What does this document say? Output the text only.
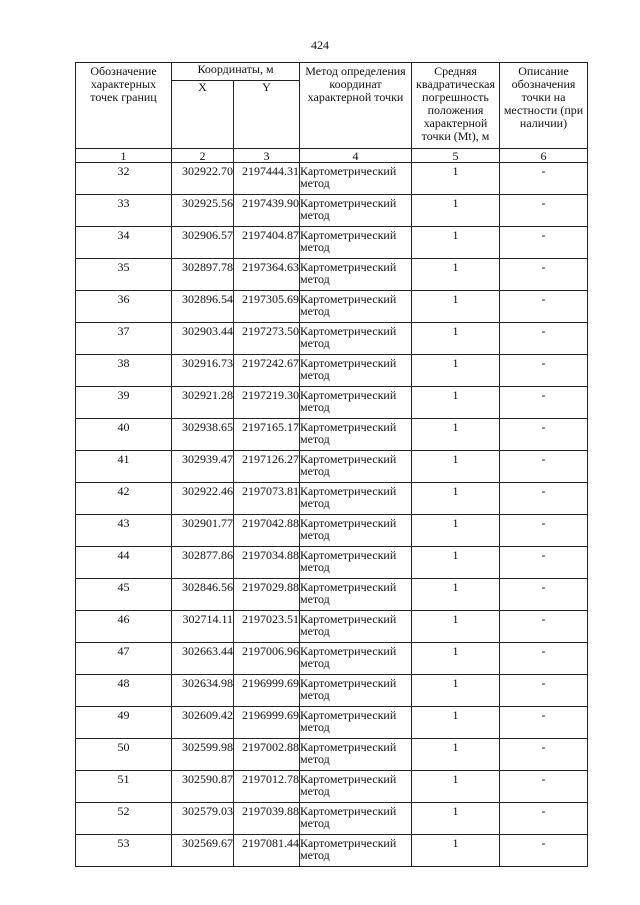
424
Обозначение характерных точек границ	Координаты, м		Метод определения координат характерной точки	Средняя квадратическая погрешность положения характерной точки (Mt), м	Описание обозначения точки на местности (при наличии)
	X	Y			
1	2	3	4	5	6
32	302922.70	2197444.31	Картометрический метод	1	-
33	302925.56	2197439.90	Картометрический метод	1	-
34	302906.57	2197404.87	Картометрический метод	1	-
35	302897.78	2197364.63	Картометрический метод	1	-
36	302896.54	2197305.69	Картометрический метод	1	-
37	302903.44	2197273.50	Картометрический метод	1	-
38	302916.73	2197242.67	Картометрический метод	1	-
39	302921.28	2197219.30	Картометрический метод	1	-
40	302938.65	2197165.17	Картометрический метод	1	-
41	302939.47	2197126.27	Картометрический метод	1	-
42	302922.46	2197073.81	Картометрический метод	1	-
43	302901.77	2197042.88	Картометрический метод	1	-
44	302877.86	2197034.88	Картометрический метод	1	-
45	302846.56	2197029.88	Картометрический метод	1	-
46	302714.11	2197023.51	Картометрический метод	1	-
47	302663.44	2197006.96	Картометрический метод	1	-
48	302634.98	2196999.69	Картометрический метод	1	-
49	302609.42	2196999.69	Картометрический метод	1	-
50	302599.98	2197002.88	Картометрический метод	1	-
51	302590.87	2197012.78	Картометрический метод	1	-
52	302579.03	2197039.88	Картометрический метод	1	-
53	302569.67	2197081.44	Картометрический метод	1	-
